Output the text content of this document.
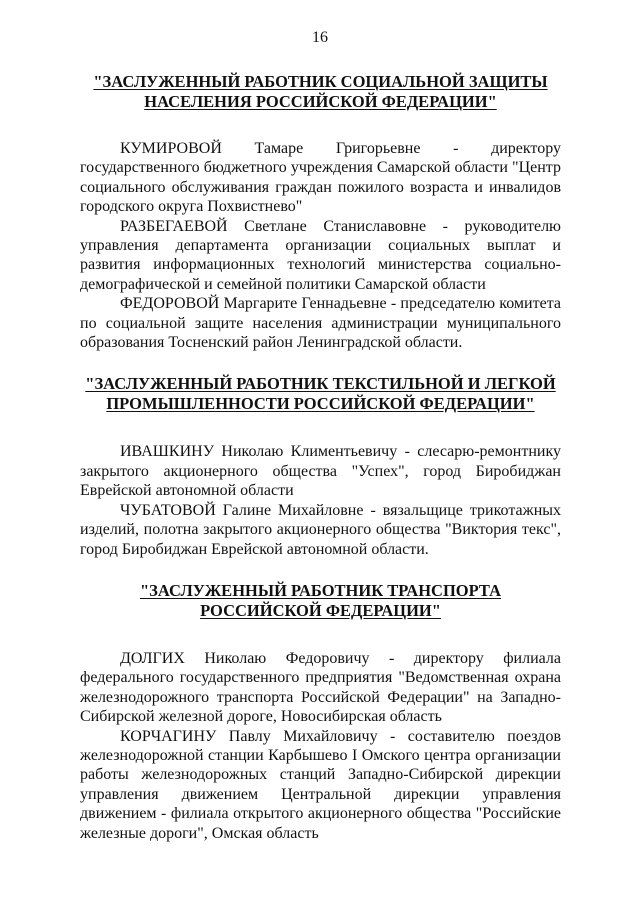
16
"ЗАСЛУЖЕННЫЙ РАБОТНИК СОЦИАЛЬНОЙ ЗАЩИТЫ
НАСЕЛЕНИЯ РОССИЙСКОЙ ФЕДЕРАЦИИ"

КУМИРОВОЙ Тамаре Григорьевне - директору государственного бюджетного учреждения Самарской области "Центр социального обслуживания граждан пожилого возраста и инвалидов городского округа Похвистнево"

РАЗБЕГАЕВОЙ Светлане Станиславовне - руководителю управления департамента организации социальных выплат и развития информационных технологий министерства социально-демографической и семейной политики Самарской области

ФЕДОРОВОЙ Маргарите Геннадьевне - председателю комитета по социальной защите населения администрации муниципального образования Тосненский район Ленинградской области.

"ЗАСЛУЖЕННЫЙ РАБОТНИК ТЕКСТИЛЬНОЙ И ЛЕГКОЙ
ПРОМЫШЛЕННОСТИ РОССИЙСКОЙ ФЕДЕРАЦИИ"

ИВАШКИНУ Николаю Климентьевичу - слесарю-ремонтнику закрытого акционерного общества "Успех", город Биробиджан Еврейской автономной области

ЧУБАТОВОЙ Галине Михайловне - вязальщице трикотажных изделий, полотна закрытого акционерного общества "Виктория текс", город Биробиджан Еврейской автономной области.

"ЗАСЛУЖЕННЫЙ РАБОТНИК ТРАНСПОРТА
РОССИЙСКОЙ ФЕДЕРАЦИИ"

ДОЛГИХ Николаю Федоровичу - директору филиала федерального государственного предприятия "Ведомственная охрана железнодорожного транспорта Российской Федерации" на Западно-Сибирской железной дороге, Новосибирская область

КОРЧАГИНУ Павлу Михайловичу - составителю поездов железнодорожной станции Карбышево I Омского центра организации работы железнодорожных станций Западно-Сибирской дирекции управления движением Центральной дирекции управления движением - филиала открытого акционерного общества "Российские железные дороги", Омская область
